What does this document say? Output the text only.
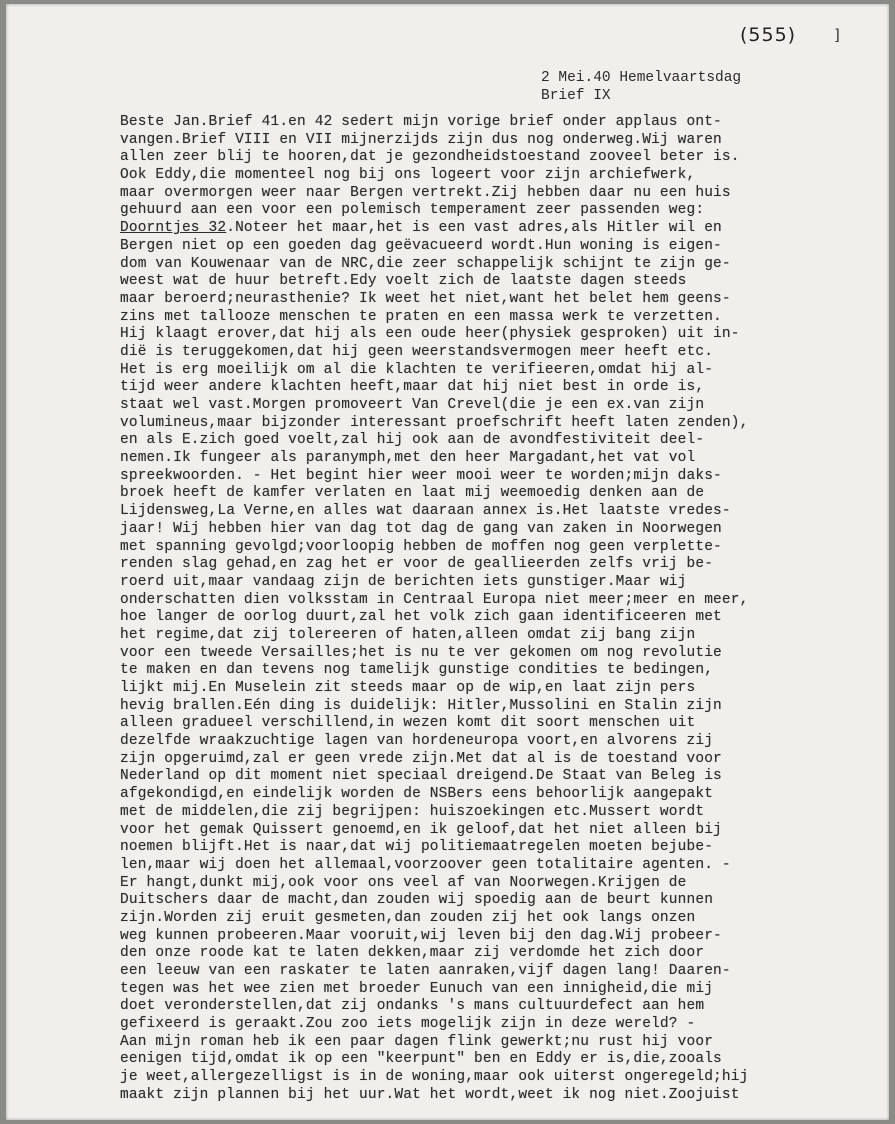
(555)	]
2 Mei.40 Hemelvaartsdag
Brief IX
Beste Jan.Brief 41.en 42 sedert mijn vorige brief onder applaus ont-
vangen.Brief VIII en VII mijnerzijds zijn dus nog onderweg.Wij waren
allen zeer blij te hooren,dat je gezondheidstoestand zooveel beter is.
Ook Eddy,die momenteel nog bij ons logeert voor zijn archiefwerk,
maar overmorgen weer naar Bergen vertrekt.Zij hebben daar nu een huis
gehuurd aan een voor een polemisch temperament zeer passenden weg:
Doorntjes 32.Noteer het maar,het is een vast adres,als Hitler wil en
Bergen niet op een goeden dag geëvacueerd wordt.Hun woning is eigen-
dom van Kouwenaar van de NRC,die zeer schappelijk schijnt te zijn ge-
weest wat de huur betreft.Edy voelt zich de laatste dagen steeds
maar beroerd;neurasthenie? Ik weet het niet,want het belet hem geens-
zins met tallooze menschen te praten en een massa werk te verzetten.
Hij klaagt erover,dat hij als een oude heer(physiek gesproken) uit in-
dië is teruggekomen,dat hij geen weerstandsvermogen meer heeft etc.
Het is erg moeilijk om al die klachten te verifieeren,omdat hij al-
tijd weer andere klachten heeft,maar dat hij niet best in orde is,
staat wel vast.Morgen promoveert Van Crevel(die je een ex.van zijn
volumineus,maar bijzonder interessant proefschrift heeft laten zenden),
en als E.zich goed voelt,zal hij ook aan de avondfestiviteit deel-
nemen.Ik fungeer als paranymph,met den heer Margadant,het vat vol
spreekwoorden. - Het begint hier weer mooi weer te worden;mijn daks-
broek heeft de kamfer verlaten en laat mij weemoedig denken aan de
Lijdensweg,La Verne,en alles wat daaraan annex is.Het laatste vredes-
jaar! Wij hebben hier van dag tot dag de gang van zaken in Noorwegen
met spanning gevolgd;voorloopig hebben de moffen nog geen verplette-
renden slag gehad,en zag het er voor de geallieerden zelfs vrij be-
roerd uit,maar vandaag zijn de berichten iets gunstiger.Maar wij
onderschatten dien volksstam in Centraal Europa niet meer;meer en meer,
hoe langer de oorlog duurt,zal het volk zich gaan identificeeren met
het regime,dat zij tolereeren of haten,alleen omdat zij bang zijn
voor een tweede Versailles;het is nu te ver gekomen om nog revolutie
te maken en dan tevens nog tamelijk gunstige condities te bedingen,
lijkt mij.En Muselein zit steeds maar op de wip,en laat zijn pers
hevig brallen.Eén ding is duidelijk: Hitler,Mussolini en Stalin zijn
alleen gradueel verschillend,in wezen komt dit soort menschen uit
dezelfde wraakzuchtige lagen van hordeneuropa voort,en alvorens zij
zijn opgeruimd,zal er geen vrede zijn.Met dat al is de toestand voor
Nederland op dit moment niet speciaal dreigend.De Staat van Beleg is
afgekondigd,en eindelijk worden de NSBers eens behoorlijk aangepakt
met de middelen,die zij begrijpen: huiszoekingen etc.Mussert wordt
voor het gemak Quissert genoemd,en ik geloof,dat het niet alleen bij
noemen blijft.Het is naar,dat wij politiemaatregelen moeten bejube-
len,maar wij doen het allemaal,voorzoover geen totalitaire agenten. -
Er hangt,dunkt mij,ook voor ons veel af van Noorwegen.Krijgen de
Duitschers daar de macht,dan zouden wij spoedig aan de beurt kunnen
zijn.Worden zij eruit gesmeten,dan zouden zij het ook langs onzen
weg kunnen probeeren.Maar vooruit,wij leven bij den dag.Wij probeer-
den onze roode kat te laten dekken,maar zij verdomde het zich door
een leeuw van een raskater te laten aanraken,vijf dagen lang! Daaren-
tegen was het wee zien met broeder Eunuch van een innigheid,die mij
doet veronderstellen,dat zij ondanks 's mans cultuurdefect aan hem
gefixeerd is geraakt.Zou zoo iets mogelijk zijn in deze wereld? -
Aan mijn roman heb ik een paar dagen flink gewerkt;nu rust hij voor
eenigen tijd,omdat ik op een "keerpunt" ben en Eddy er is,die,zooals
je weet,allergezelligst is in de woning,maar ook uiterst ongeregeld;hij
maakt zijn plannen bij het uur.Wat het wordt,weet ik nog niet.Zoojuist
